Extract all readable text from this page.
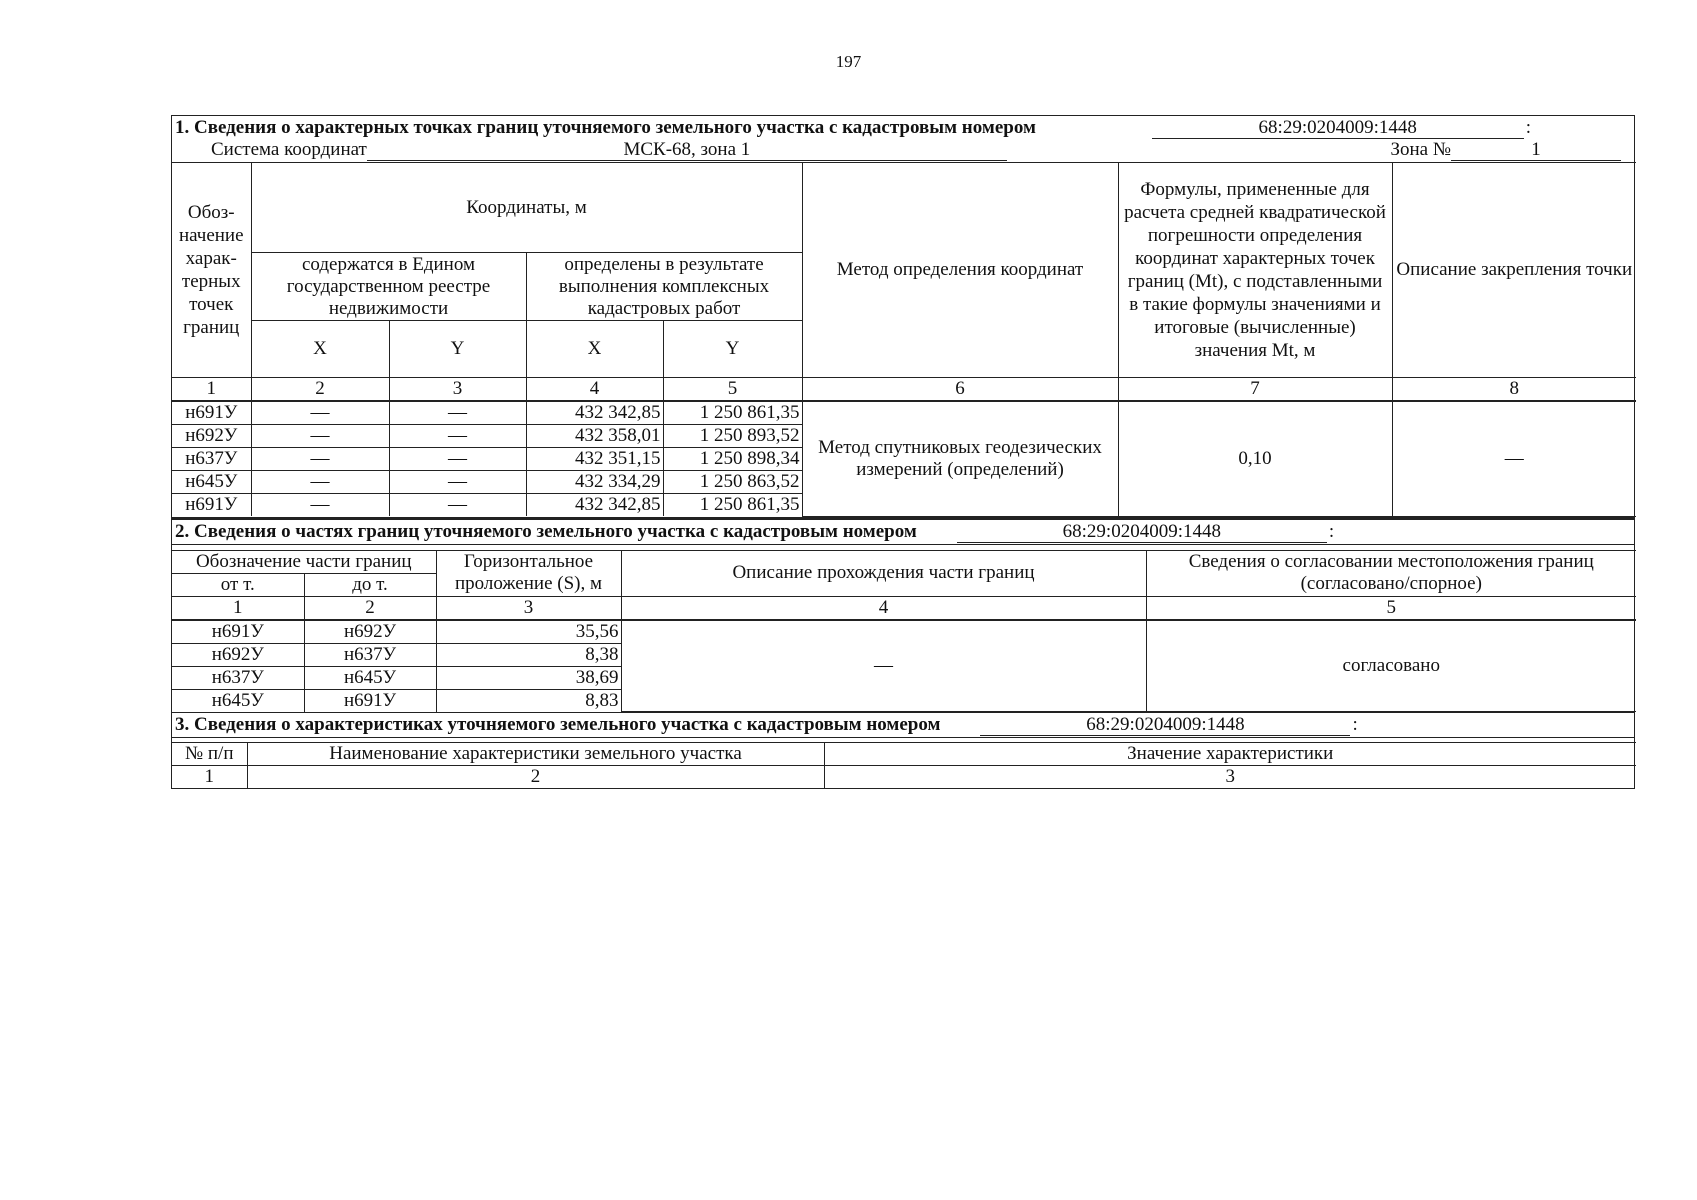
197
1. Сведения о характерных точках границ уточняемого земельного участка с кадастровым номером	68:29:0204009:1448	:
Система координат	МСК-68, зона 1	Зона №	1
Обоз-начение харак-терных точек границ	Координаты, м				Метод определения координат	Формулы, примененные для расчета средней квадратической погрешности определения координат характерных точек границ (Mt), с подставленными в такие формулы значениями и итоговые (вычисленные) значения Mt, м	Описание закрепления точки
	содержатся в Едином государственном реестре недвижимости		определены в результате выполнения комплексных кадастровых работ				
	X	Y	X	Y			
1	2	3	4	5	6	7	8
н691У	—	—	432 342,85	1 250 861,35	Метод спутниковых геодезических измерений (определений)	0,10	—
н692У	—	—	432 358,01	1 250 893,52			
н637У	—	—	432 351,15	1 250 898,34			
н645У	—	—	432 334,29	1 250 863,52			
н691У	—	—	432 342,85	1 250 861,35			
2. Сведения о частях границ уточняемого земельного участка с кадастровым номером	68:29:0204009:1448	:
Обозначение части границ		Горизонтальное проложение (S), м	Описание прохождения части границ	Сведения о согласовании местоположения границ (согласовано/спорное)
от т.	до т.			
1	2	3	4	5
н691У	н692У	35,56	—	согласовано
н692У	н637У	8,38		
н637У	н645У	38,69		
н645У	н691У	8,83		
3. Сведения о характеристиках уточняемого земельного участка с кадастровым номером	68:29:0204009:1448	:
№ п/п	Наименование характеристики земельного участка	Значение характеристики
1	2	3
